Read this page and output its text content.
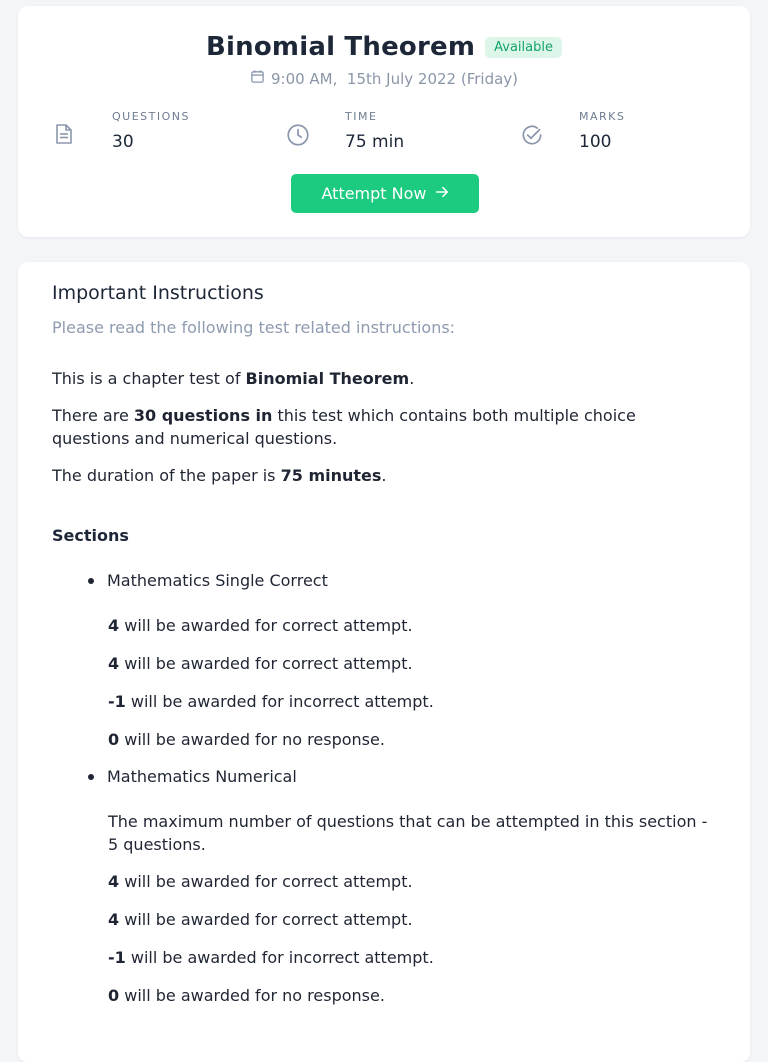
Binomial Theorem	Available
9:00 AM,  15th July 2022 (Friday)
QUESTIONS
30
TIME
75 min
MARKS
100
Attempt Now
Important Instructions
Please read the following test related instructions:
This is a chapter test of Binomial Theorem.
There are 30 questions in this test which contains both multiple choice questions and numerical questions.
The duration of the paper is 75 minutes.
Sections
Mathematics Single Correct
4 will be awarded for correct attempt.
4 will be awarded for correct attempt.
-1 will be awarded for incorrect attempt.
0 will be awarded for no response.
Mathematics Numerical
The maximum number of questions that can be attempted in this section - 5 questions.
4 will be awarded for correct attempt.
4 will be awarded for correct attempt.
-1 will be awarded for incorrect attempt.
0 will be awarded for no response.
